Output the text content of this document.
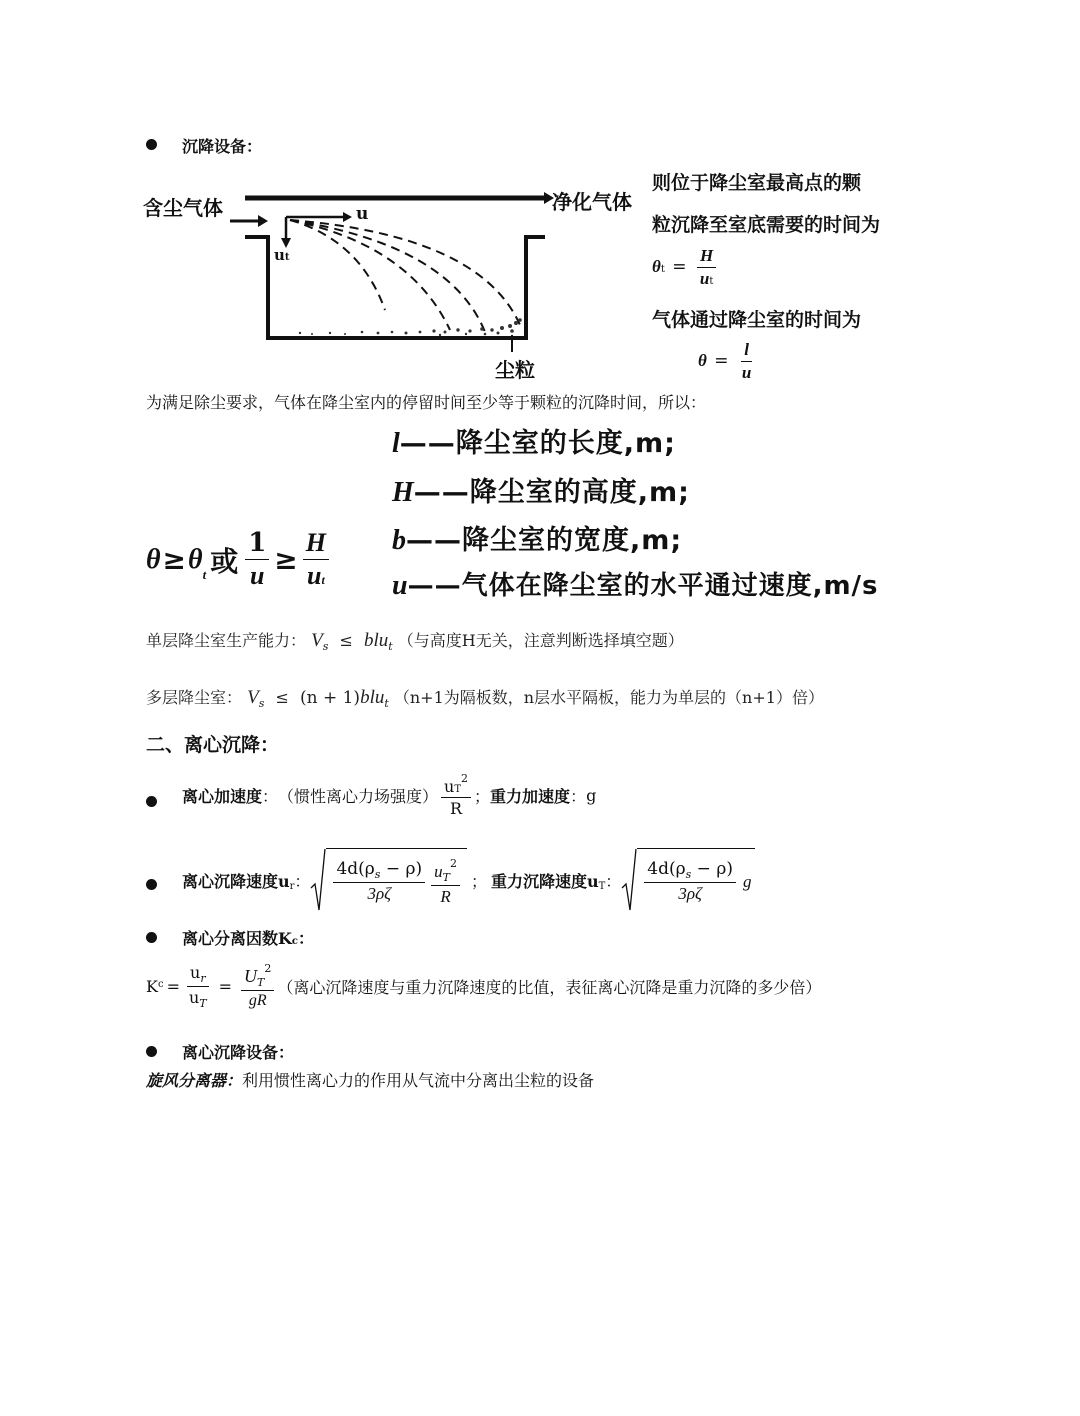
沉降设备：
含尘气体	净化气体
u
ut
尘粒
则位于降尘室最高点的颗
粒沉降至室底需要的时间为
$\theta t = \frac{H}{ut}$
气体通过降尘室的时间为
$\theta = \frac{l}{u}$
为满足除尘要求，气体在降尘室内的停留时间至少等于颗粒的沉降时间，所以：
θ ≥ θ t 或 $\frac{1}{u} \ge \frac{H}{ut}$
l——降尘室的长度,m;
H——降尘室的高度,m;
b——降尘室的宽度,m;
u——气体在降尘室的水平通过速度,m/s
单层降尘室生产能力： $V_s \le blu_t$ （与高度H无关，注意判断选择填空题）
多层降尘室： $V_s \le (n + 1)blu_t$ （n+1为隔板数，n层水平隔板，能力为单层的（n+1）倍）
二、离心沉降：
离心加速度 ： （惯性离心力场强度） $\frac{uT^2}{R}$ ； 重力加速度 ： g
离心沉降速度u r ： $\frac{4d(\rho_s - \rho)}{3\rho\zeta} \frac{u_T^2}{R}$ ； 重力沉降速度u T ： $\frac{4d(\rho_s - \rho)}{3\rho\zeta}$ g
离心分离因数Kc：
K $c = \frac{u_r}{u_T} = \frac{U_T^2}{gR}$ （离心沉降速度与重力沉降速度的比值，表征离心沉降是重力沉降的多少倍）
离心沉降设备：
旋风分离器：利用惯性离心力的作用从气流中分离出尘粒的设备
